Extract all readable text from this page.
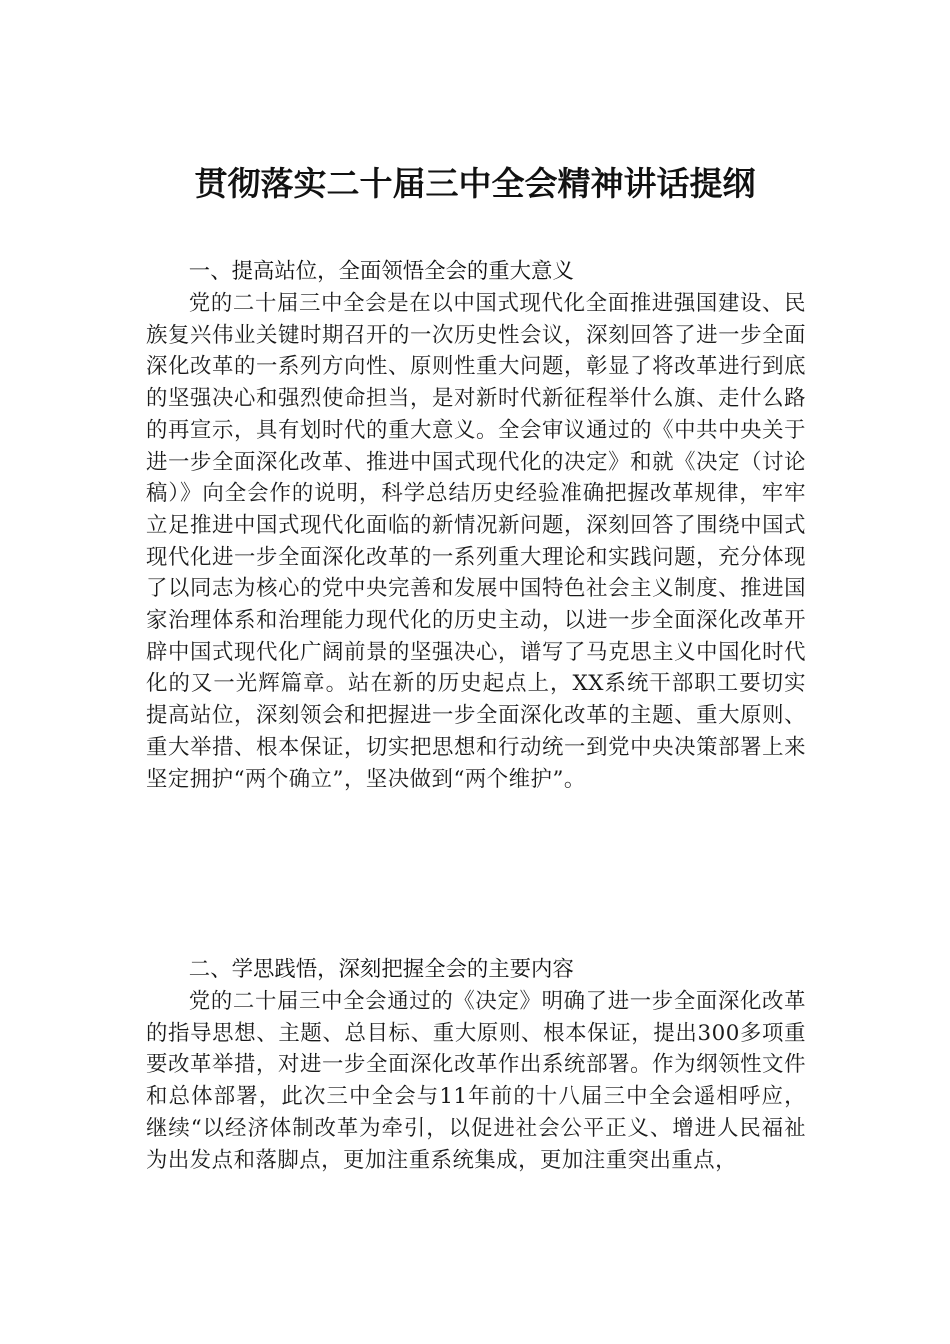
贯彻落实二十届三中全会精神讲话提纲

一、提高站位，全面领悟全会的重大意义

党的二十届三中全会是在以中国式现代化全面推进强国建设、民族复兴伟业关键时期召开的一次历史性会议，深刻回答了进一步全面深化改革的一系列方向性、原则性重大问题，彰显了将改革进行到底的坚强决心和强烈使命担当，是对新时代新征程举什么旗、走什么路的再宣示，具有划时代的重大意义。全会审议通过的《中共中央关于进一步全面深化改革、推进中国式现代化的决定》和就《决定（讨论稿）》向全会作的说明，科学总结历史经验准确把握改革规律，牢牢立足推进中国式现代化面临的新情况新问题，深刻回答了围绕中国式现代化进一步全面深化改革的一系列重大理论和实践问题，充分体现了以同志为核心的党中央完善和发展中国特色社会主义制度、推进国家治理体系和治理能力现代化的历史主动，以进一步全面深化改革开辟中国式现代化广阔前景的坚强决心，谱写了马克思主义中国化时代化的又一光辉篇章。站在新的历史起点上，XX系统干部职工要切实提高站位，深刻领会和把握进一步全面深化改革的主题、重大原则、重大举措、根本保证，切实把思想和行动统一到党中央决策部署上来坚定拥护“两个确立”，坚决做到“两个维护”。

二、学思践悟，深刻把握全会的主要内容

党的二十届三中全会通过的《决定》明确了进一步全面深化改革的指导思想、主题、总目标、重大原则、根本保证，提出300多项重要改革举措，对进一步全面深化改革作出系统部署。作为纲领性文件和总体部署，此次三中全会与11年前的十八届三中全会遥相呼应，继续“以经济体制改革为牵引，以促进社会公平正义、增进人民福祉为出发点和落脚点，更加注重系统集成，更加注重突出重点，
